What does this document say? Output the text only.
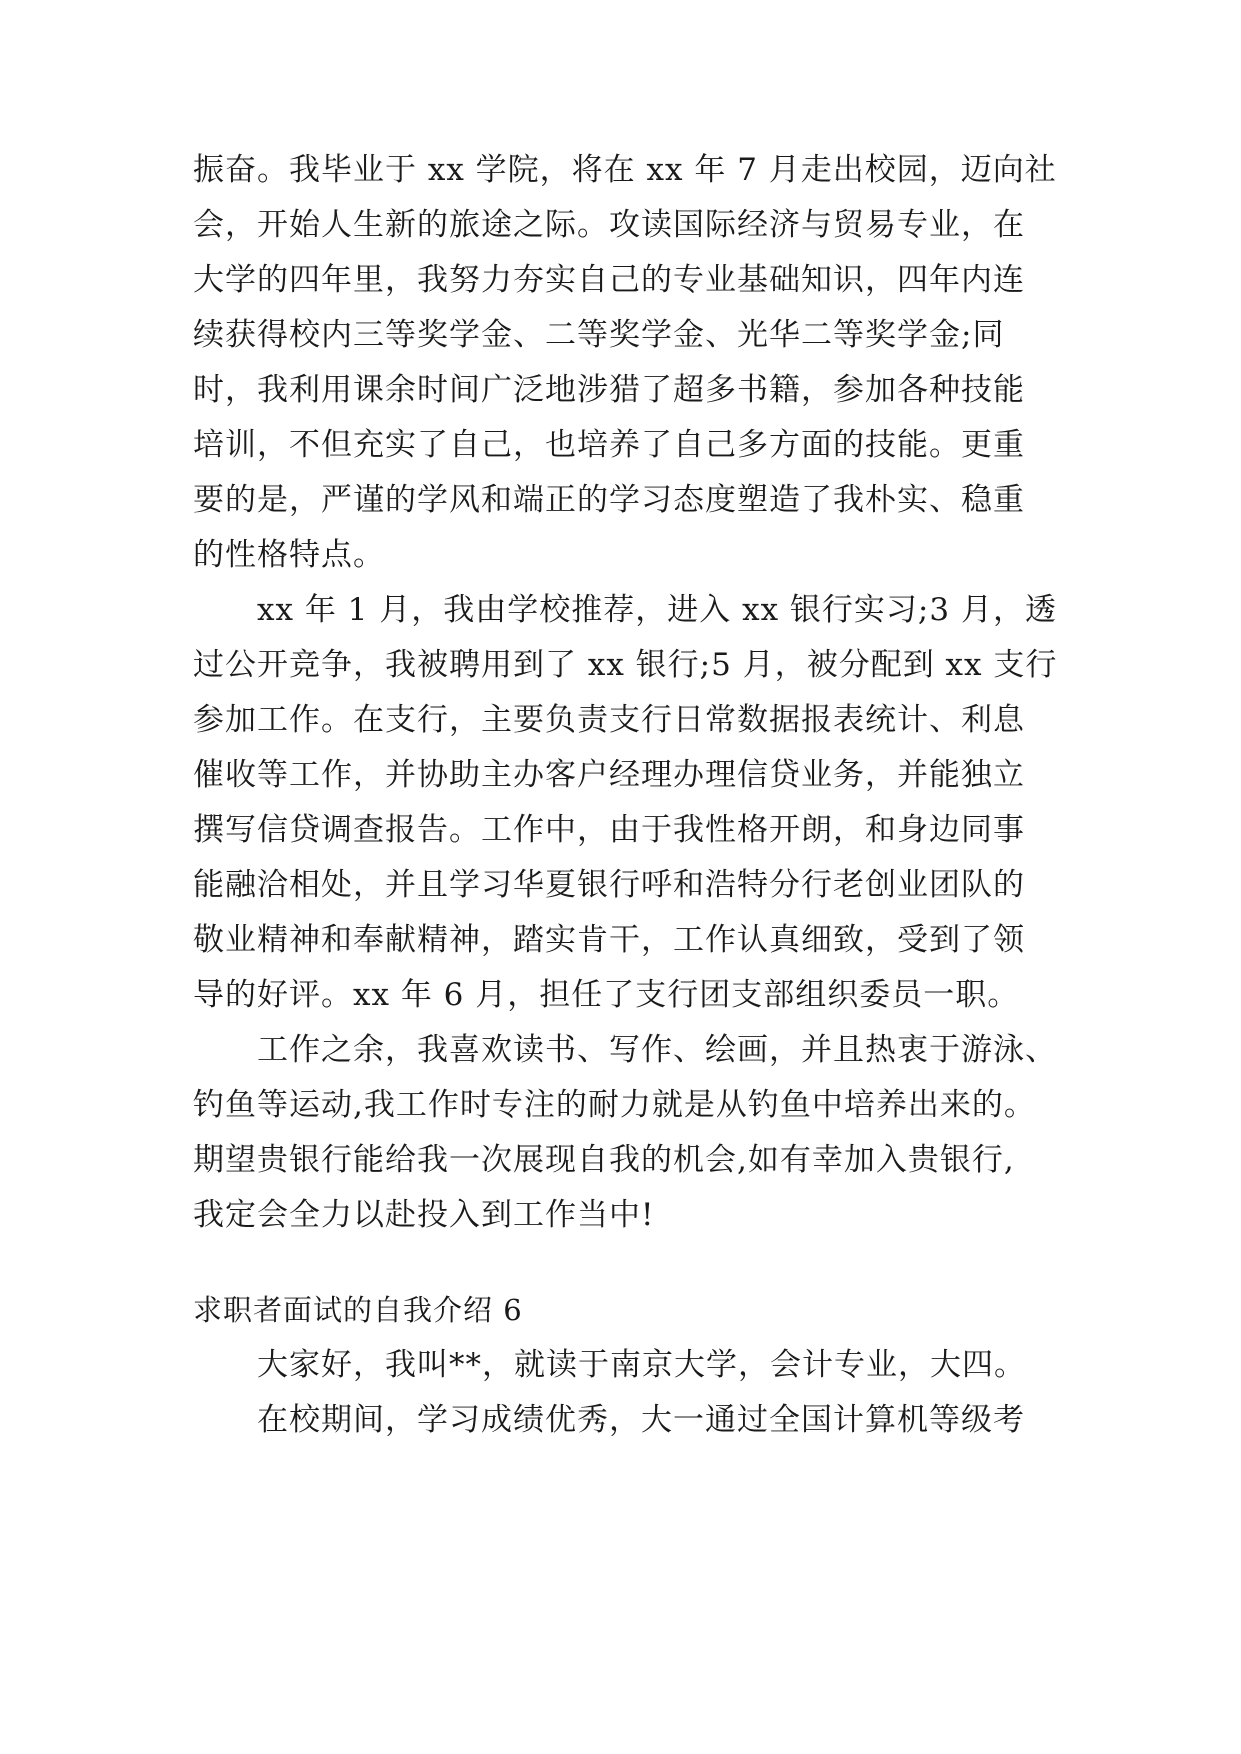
振奋。我毕业于 xx 学院，将在 xx 年 7 月走出校园，迈向社
会，开始人生新的旅途之际。攻读国际经济与贸易专业，在
大学的四年里，我努力夯实自己的专业基础知识，四年内连
续获得校内三等奖学金、二等奖学金、光华二等奖学金;同
时，我利用课余时间广泛地涉猎了超多书籍，参加各种技能
培训，不但充实了自己，也培养了自己多方面的技能。更重
要的是，严谨的学风和端正的学习态度塑造了我朴实、稳重
的性格特点。
xx 年 1 月，我由学校推荐，进入 xx 银行实习;3 月，透
过公开竞争，我被聘用到了 xx 银行;5 月，被分配到 xx 支行
参加工作。在支行，主要负责支行日常数据报表统计、利息
催收等工作，并协助主办客户经理办理信贷业务，并能独立
撰写信贷调查报告。工作中，由于我性格开朗，和身边同事
能融洽相处，并且学习华夏银行呼和浩特分行老创业团队的
敬业精神和奉献精神，踏实肯干，工作认真细致，受到了领
导的好评。xx 年 6 月，担任了支行团支部组织委员一职。
工作之余，我喜欢读书、写作、绘画，并且热衷于游泳、
钓鱼等运动,我工作时专注的耐力就是从钓鱼中培养出来的。
期望贵银行能给我一次展现自我的机会,如有幸加入贵银行,
我定会全力以赴投入到工作当中!
求职者面试的自我介绍 6
大家好，我叫**，就读于南京大学，会计专业，大四。
在校期间，学习成绩优秀，大一通过全国计算机等级考
